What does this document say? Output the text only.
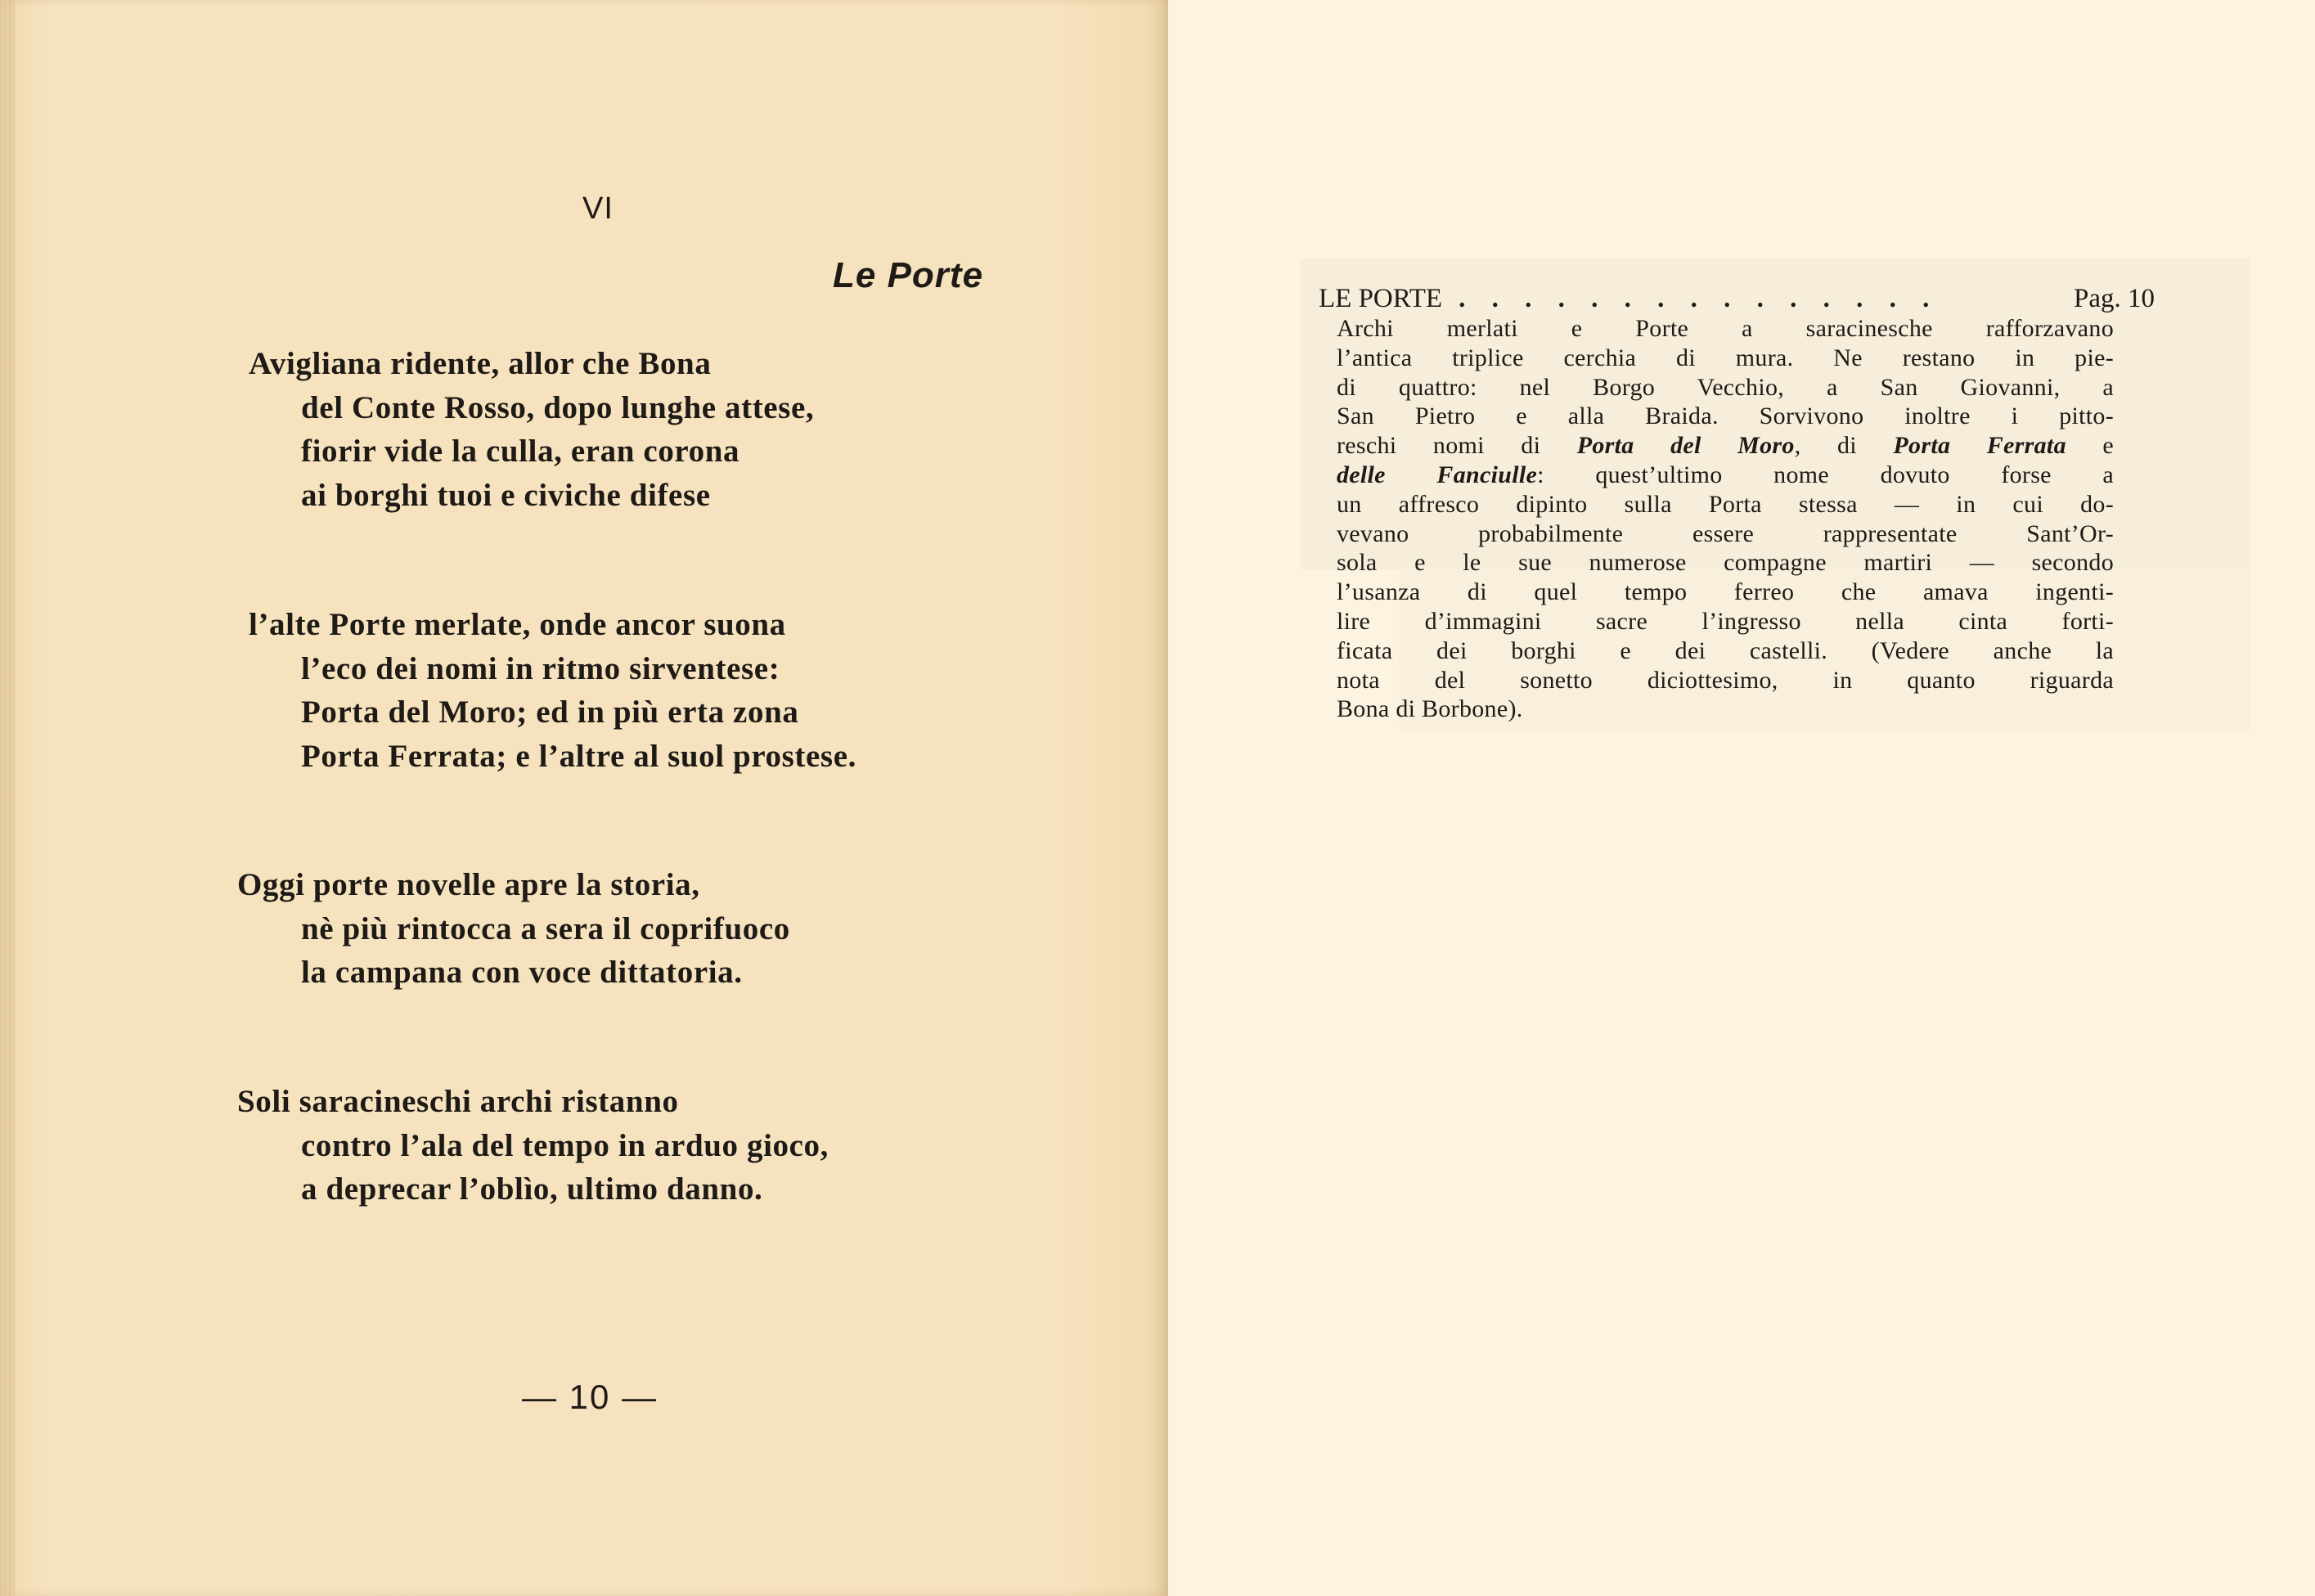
VI
Le Porte
Avigliana ridente, allor che Bona
del Conte Rosso, dopo lunghe attese,
fiorir vide la culla, eran corona
ai borghi tuoi e civiche difese
l’alte Porte merlate, onde ancor suona
l’eco dei nomi in ritmo sirventese:
Porta del Moro; ed in più erta zona
Porta Ferrata; e l’altre al suol prostese.
Oggi porte novelle apre la storia,
nè più rintocca a sera il coprifuoco
la campana con voce dittatoria.
Soli saracineschi archi ristanno
contro l’ala del tempo in arduo gioco,
a deprecar l’oblìo, ultimo danno.
— 10 —
LE PORTE . . . . . . . . . . . . . . .	Pag. 10
Archi merlati e Porte a saracinesche rafforzavano
l’antica triplice cerchia di mura. Ne restano in pie-
di quattro: nel Borgo Vecchio, a San Giovanni, a
San Pietro e alla Braida. Sorvivono inoltre i pitto-
reschi nomi di Porta del Moro, di Porta Ferrata e
delle Fanciulle: quest’ultimo nome dovuto forse a
un affresco dipinto sulla Porta stessa — in cui do-
vevano probabilmente essere rappresentate Sant’Or-
sola e le sue numerose compagne martiri — secondo
l’usanza di quel tempo ferreo che amava ingenti-
lire d’immagini sacre l’ingresso nella cinta forti-
ficata dei borghi e dei castelli. (Vedere anche la
nota del sonetto diciottesimo, in quanto riguarda
Bona di Borbone).
